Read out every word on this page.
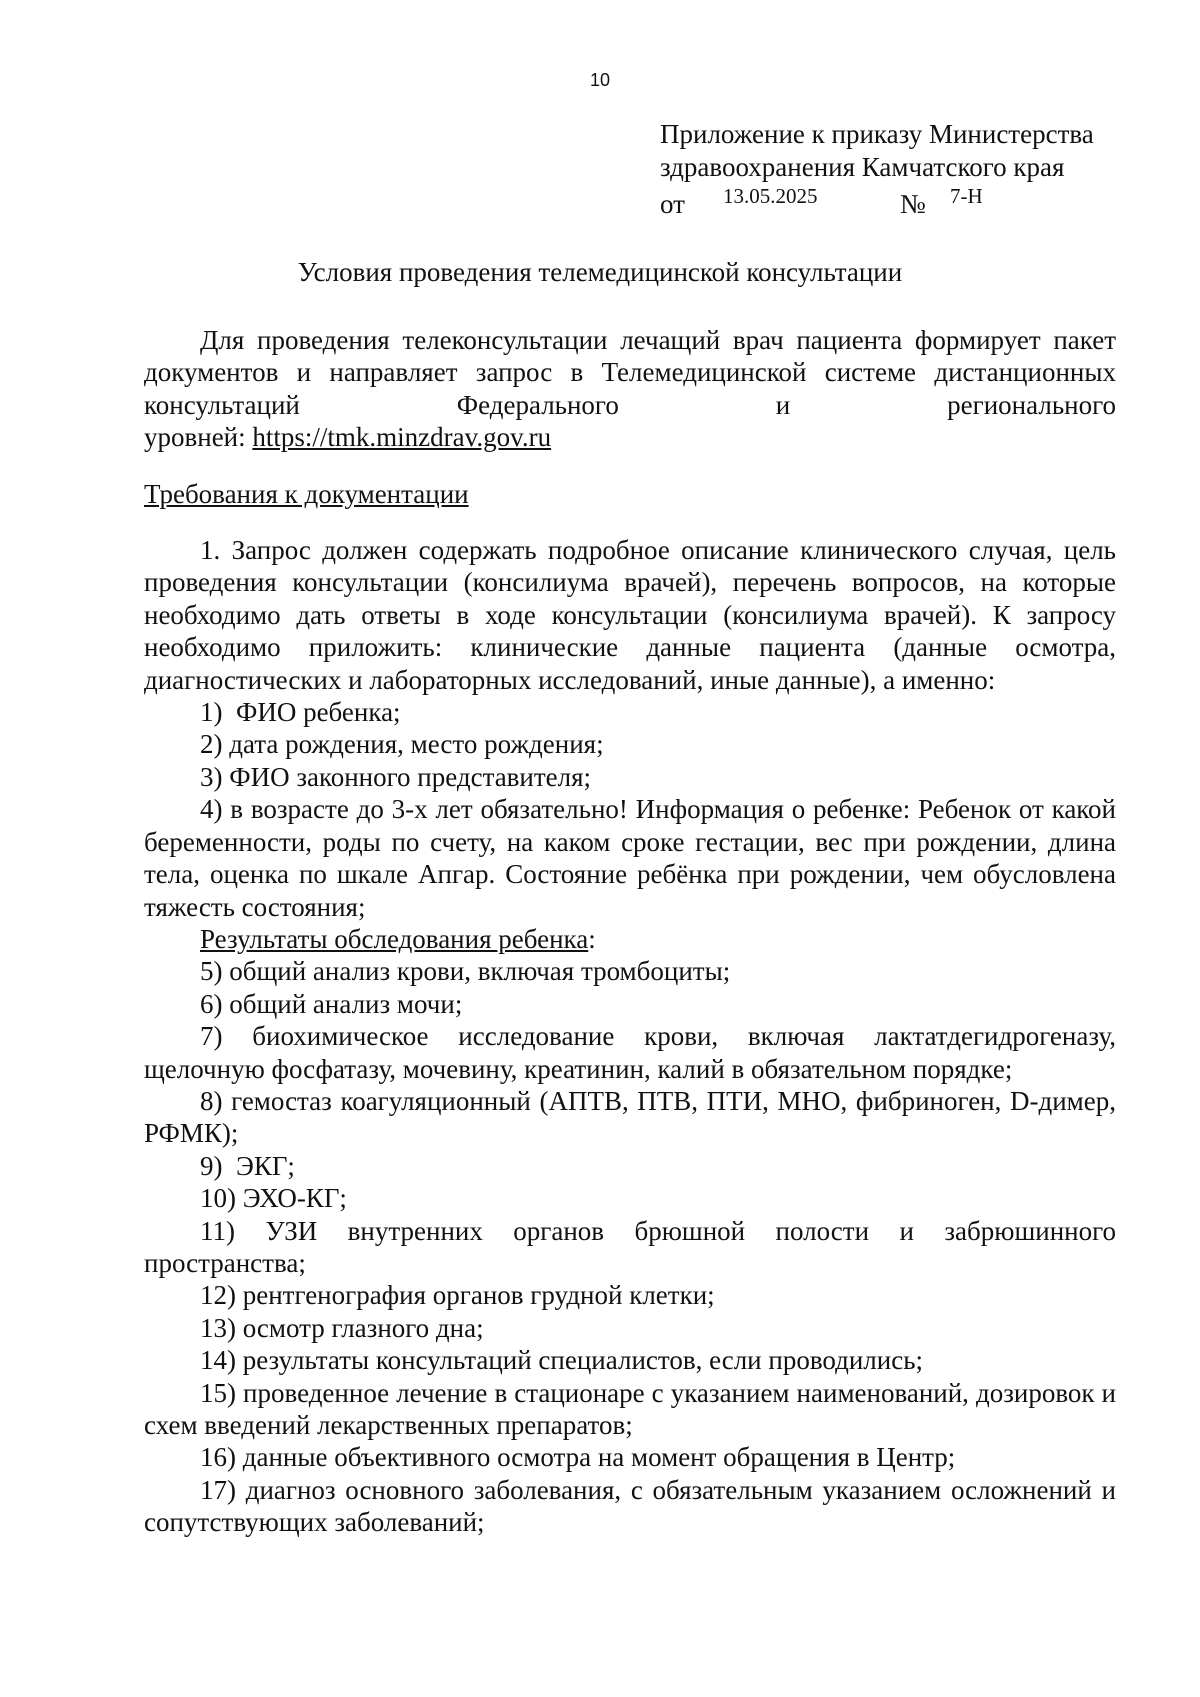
10
Приложение к приказу Министерства
здравоохранения Камчатского края
от 13.05.2025	№ 7-Н
Условия проведения телемедицинской консультации

Для проведения телеконсультации лечащий врач пациента формирует пакет документов и направляет запрос в Телемедицинской системе дистанционных консультаций Федерального и регионального

уровней: https://tmk.minzdrav.gov.ru

Требования к документации

1. Запрос должен содержать подробное описание клинического случая, цель проведения консультации (консилиума врачей), перечень вопросов, на которые необходимо дать ответы в ходе консультации (консилиума врачей). К запросу необходимо приложить: клинические данные пациента (данные осмотра, диагностических и лабораторных исследований, иные данные), а именно:

1)  ФИО ребенка;

2) дата рождения, место рождения;

3) ФИО законного представителя;

4) в возрасте до 3-х лет обязательно! Информация о ребенке: Ребенок от какой беременности, роды по счету, на каком сроке гестации, вес при рождении, длина тела, оценка по шкале Апгар. Состояние ребёнка при рождении, чем обусловлена тяжесть состояния;

Результаты обследования ребенка:

5) общий анализ крови, включая тромбоциты;

6) общий анализ мочи;

7) биохимическое исследование крови, включая лактатдегидрогеназу, щелочную фосфатазу, мочевину, креатинин, калий в обязательном порядке;

8) гемостаз коагуляционный (АПТВ, ПТВ, ПТИ, МНО, фибриноген, D-димер, РФМК);

9)  ЭКГ;

10) ЭХО-КГ;

11) УЗИ внутренних органов брюшной полости и забрюшинного пространства;

12) рентгенография органов грудной клетки;

13) осмотр глазного дна;

14) результаты консультаций специалистов, если проводились;

15) проведенное лечение в стационаре с указанием наименований, дозировок и схем введений лекарственных препаратов;

16) данные объективного осмотра на момент обращения в Центр;

17) диагноз основного заболевания, с обязательным указанием осложнений и сопутствующих заболеваний;
